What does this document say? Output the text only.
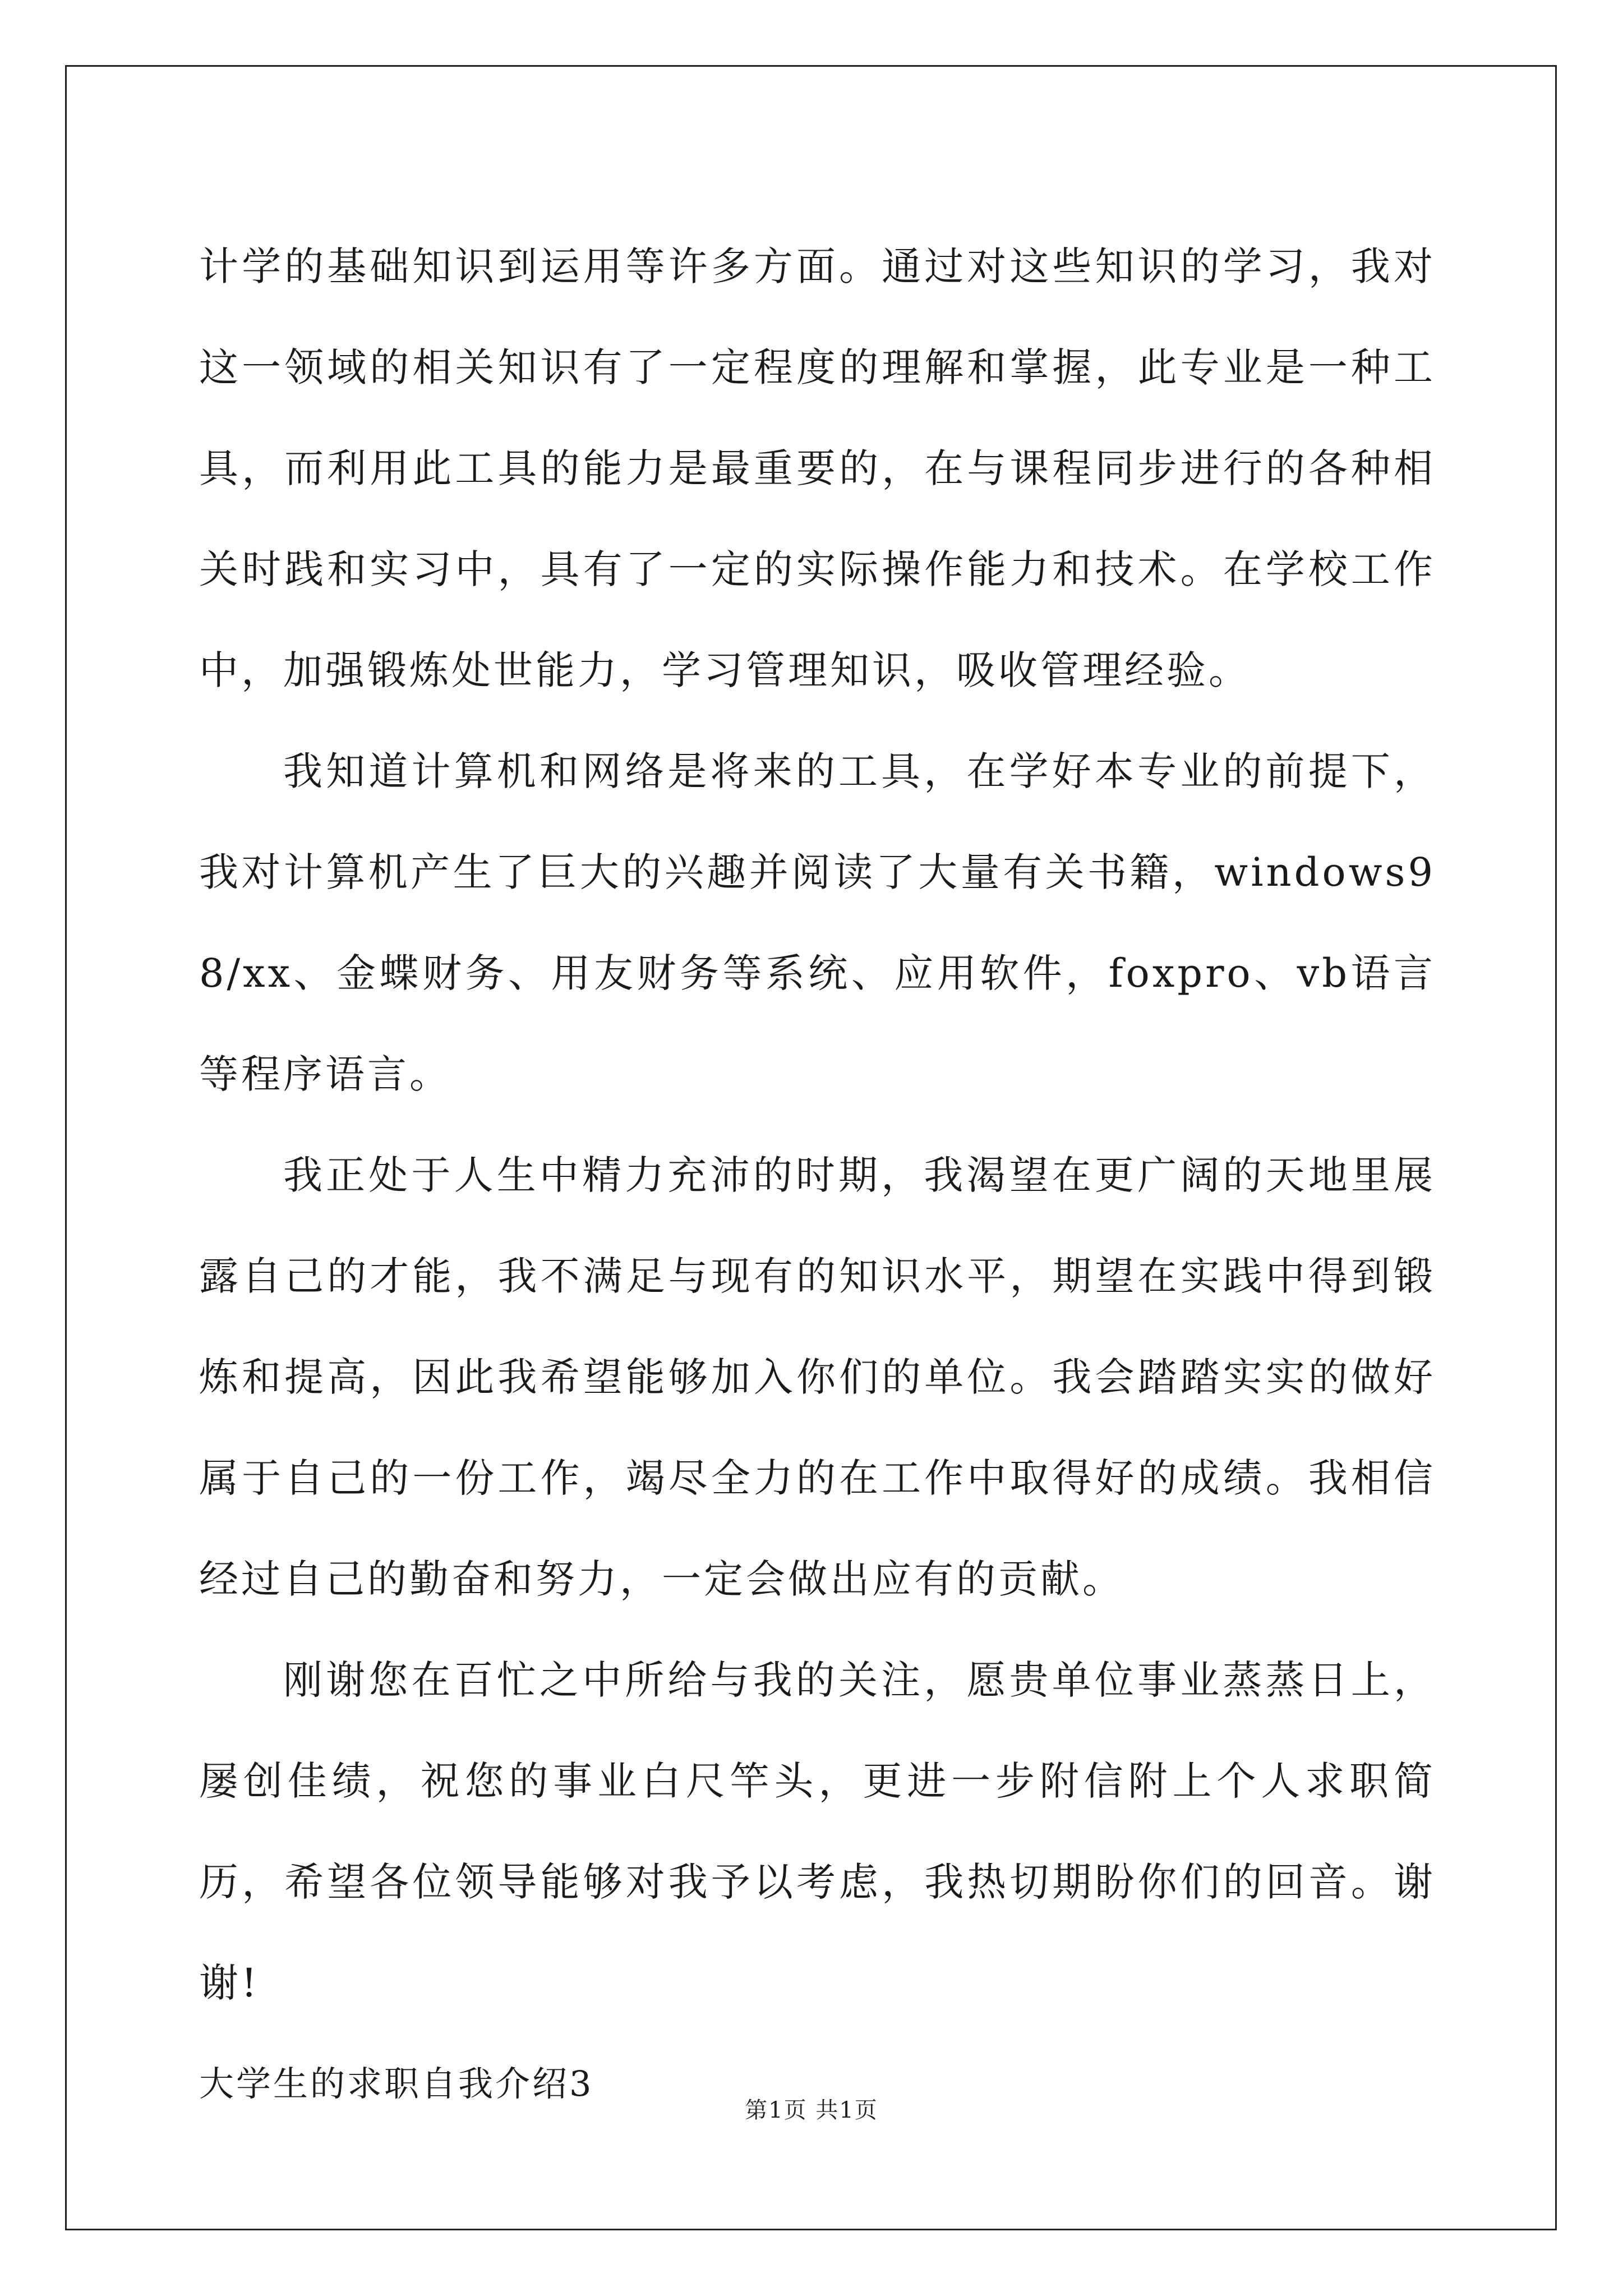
计学的基础知识到运用等许多方面。通过对这些知识的学习，我对这一领域的相关知识有了一定程度的理解和掌握，此专业是一种工具，而利用此工具的能力是最重要的，在与课程同步进行的各种相关时践和实习中，具有了一定的实际操作能力和技术。在学校工作中，加强锻炼处世能力，学习管理知识，吸收管理经验。

我知道计算机和网络是将来的工具，在学好本专业的前提下，我对计算机产生了巨大的兴趣并阅读了大量有关书籍，windows98/xx、金蝶财务、用友财务等系统、应用软件，foxpro、vb语言等程序语言。

我正处于人生中精力充沛的时期，我渴望在更广阔的天地里展露自己的才能，我不满足与现有的知识水平，期望在实践中得到锻炼和提高，因此我希望能够加入你们的单位。我会踏踏实实的做好属于自己的一份工作，竭尽全力的在工作中取得好的成绩。我相信经过自己的勤奋和努力，一定会做出应有的贡献。

刚谢您在百忙之中所给与我的关注，愿贵单位事业蒸蒸日上，屡创佳绩，祝您的事业白尺竿头，更进一步附信附上个人求职简历，希望各位领导能够对我予以考虑，我热切期盼你们的回音。谢谢!

大学生的求职自我介绍3
第1页 共1页
